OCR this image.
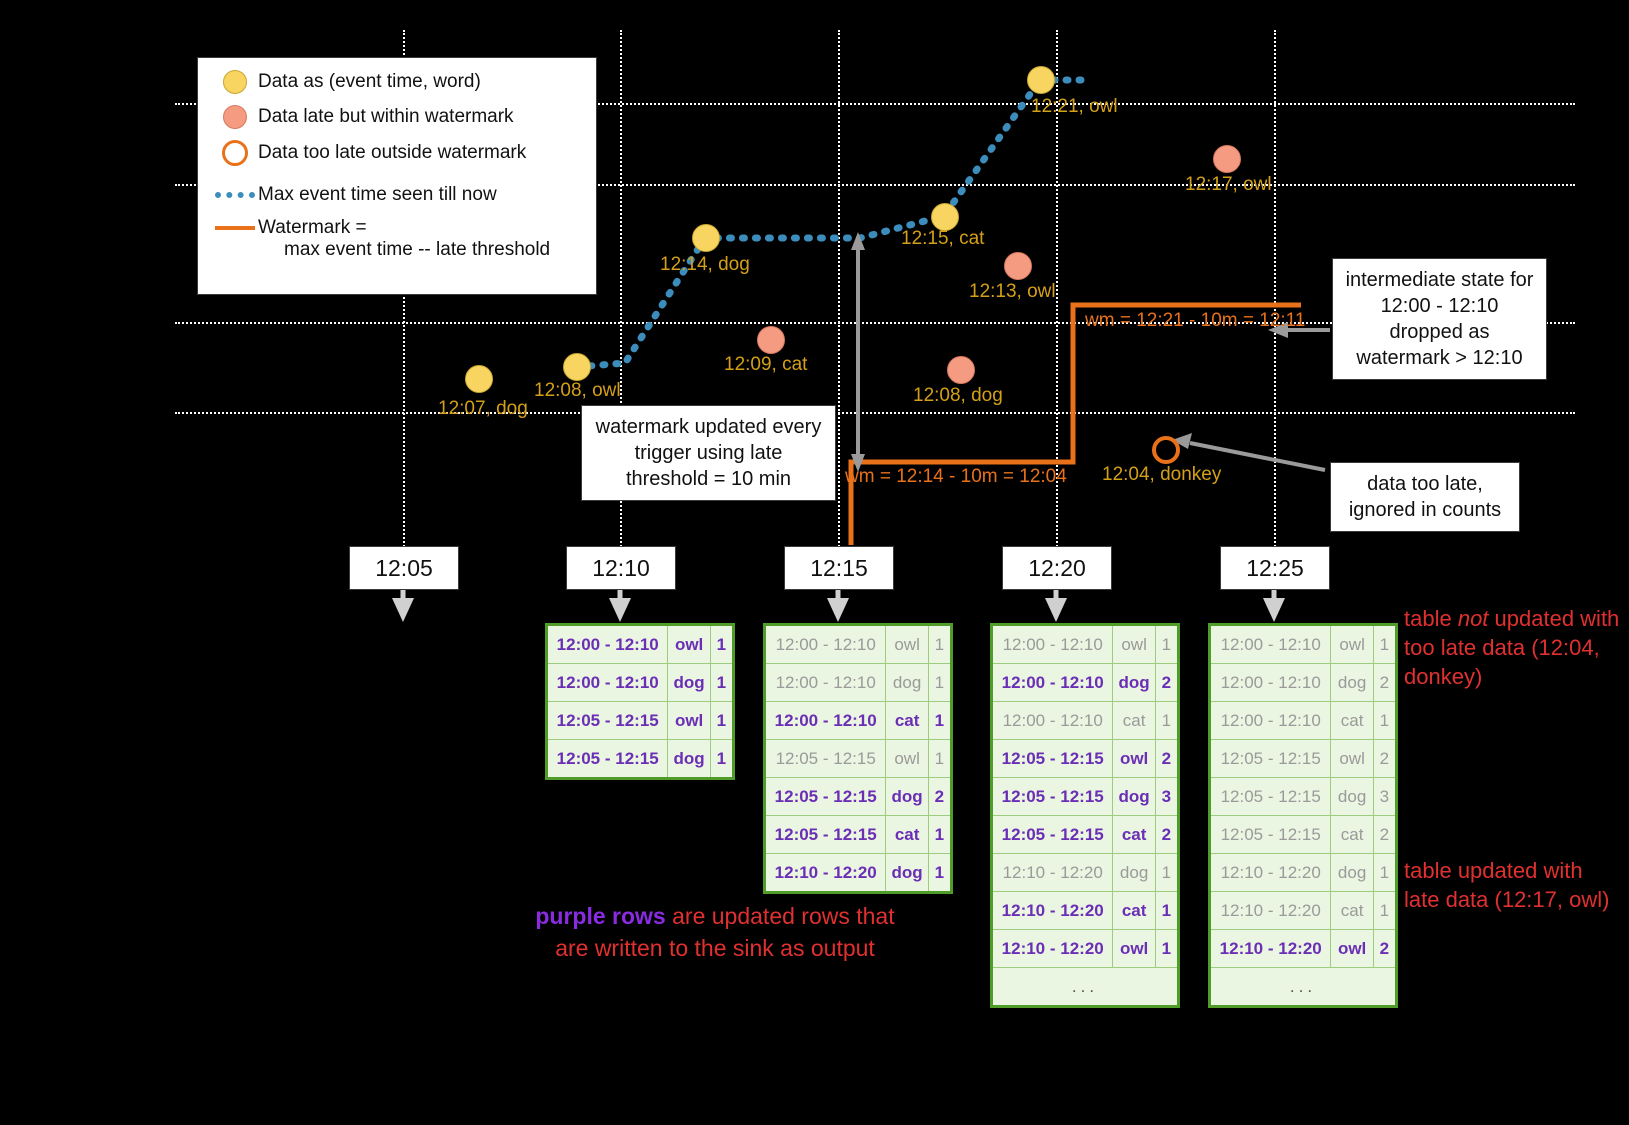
Data as (event time, word)
Data late but within watermark
Data too late outside watermark
Max event time seen till now
Watermark =
max event time -- late threshold
12:07, dog
12:08, owl
12:14, dog
12:15, cat
12:21, owl
12:09, cat
12:13, owl
12:08, dog
12:17, owl
12:04, donkey
wm = 12:14 - 10m = 12:04
wm = 12:21 - 10m = 12:11
intermediate state for 12:00 - 12:10 dropped as watermark > 12:10
watermark updated every trigger using late threshold = 10 min	data too late, ignored in counts
12:05	12:10	12:15	12:20	12:25
12:00 - 12:10 owl 1
12:00 - 12:10 dog 1
12:05 - 12:15 owl 1
12:05 - 12:15 dog 1
12:00 - 12:10	owl 1
12:00 - 12:10	dog 1
12:00 - 12:10	cat 1
12:05 - 12:15	owl 1
12:05 - 12:15 dog 2
12:05 - 12:15	cat 1
12:10 - 12:20 dog 1
12:00 - 12:10	owl 1
12:00 - 12:10 dog 2
12:00 - 12:10	cat 1
12:05 - 12:15 owl 2
12:05 - 12:15 dog 3
12:05 - 12:15	cat 2
12:10 - 12:20	dog 1
12:10 - 12:20	cat 1
12:10 - 12:20 owl 1
...
12:00 - 12:10	owl 1
12:00 - 12:10	dog 2
12:00 - 12:10	cat 1
12:05 - 12:15	owl 2
12:05 - 12:15	dog 3
12:05 - 12:15	cat 2
12:10 - 12:20	dog 1
12:10 - 12:20	cat 1
12:10 - 12:20 owl 2
...
table not updated with too late data (12:04, donkey)
table updated with late data (12:17, owl)
purple rows are updated rows that
are written to the sink as output
